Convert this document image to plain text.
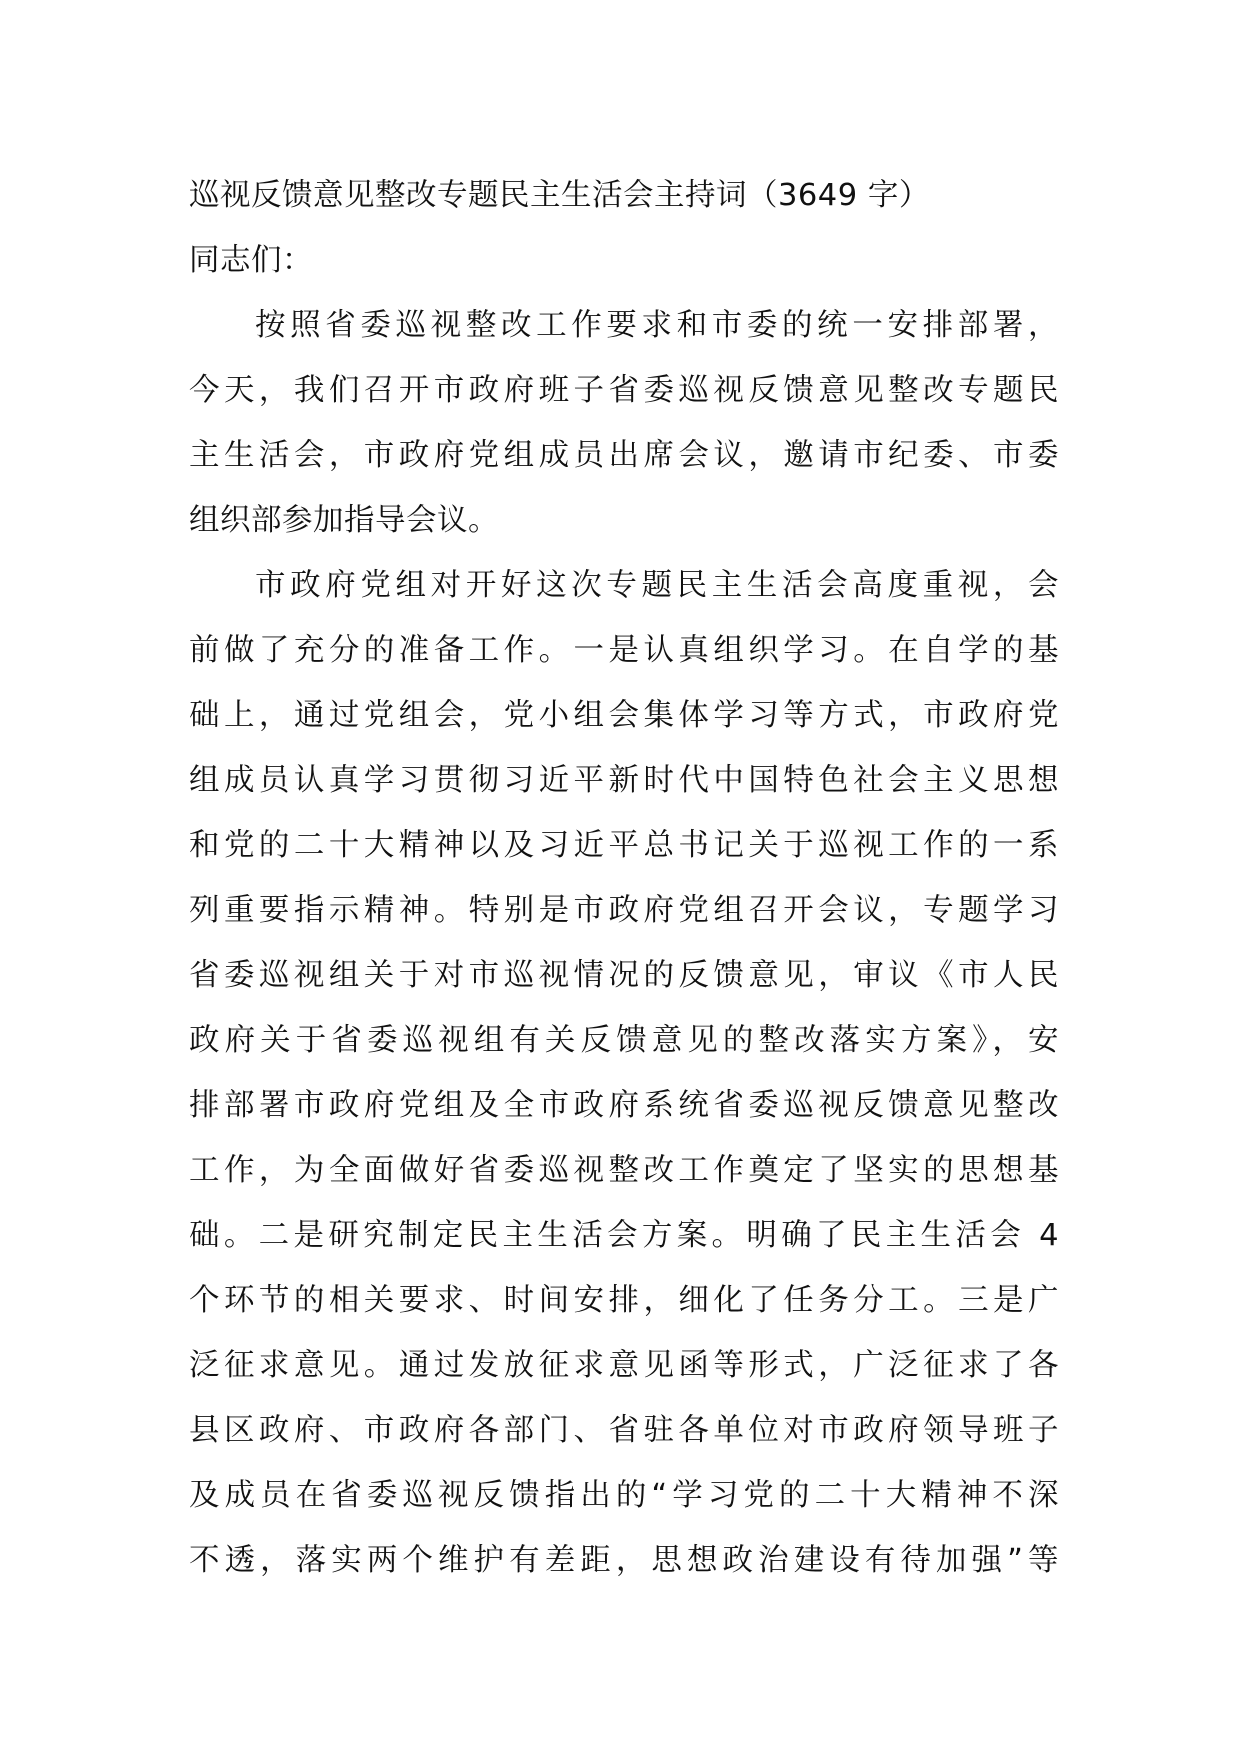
巡视反馈意见整改专题民主生活会主持词（3649 字）
同志们：
按照省委巡视整改工作要求和市委的统一安排部署，
今天，我们召开市政府班子省委巡视反馈意见整改专题民
主生活会，市政府党组成员出席会议，邀请市纪委、市委
组织部参加指导会议。
市政府党组对开好这次专题民主生活会高度重视，会
前做了充分的准备工作。一是认真组织学习。在自学的基
础上，通过党组会，党小组会集体学习等方式，市政府党
组成员认真学习贯彻习近平新时代中国特色社会主义思想
和党的二十大精神以及习近平总书记关于巡视工作的一系
列重要指示精神。特别是市政府党组召开会议，专题学习
省委巡视组关于对市巡视情况的反馈意见，审议《市人民
政府关于省委巡视组有关反馈意见的整改落实方案》，安
排部署市政府党组及全市政府系统省委巡视反馈意见整改
工作，为全面做好省委巡视整改工作奠定了坚实的思想基
础。二是研究制定民主生活会方案。明确了民主生活会 4
个环节的相关要求、时间安排，细化了任务分工。三是广
泛征求意见。通过发放征求意见函等形式，广泛征求了各
县区政府、市政府各部门、省驻各单位对市政府领导班子
及成员在省委巡视反馈指出的“学习党的二十大精神不深
不透，落实两个维护有差距，思想政治建设有待加强”等
